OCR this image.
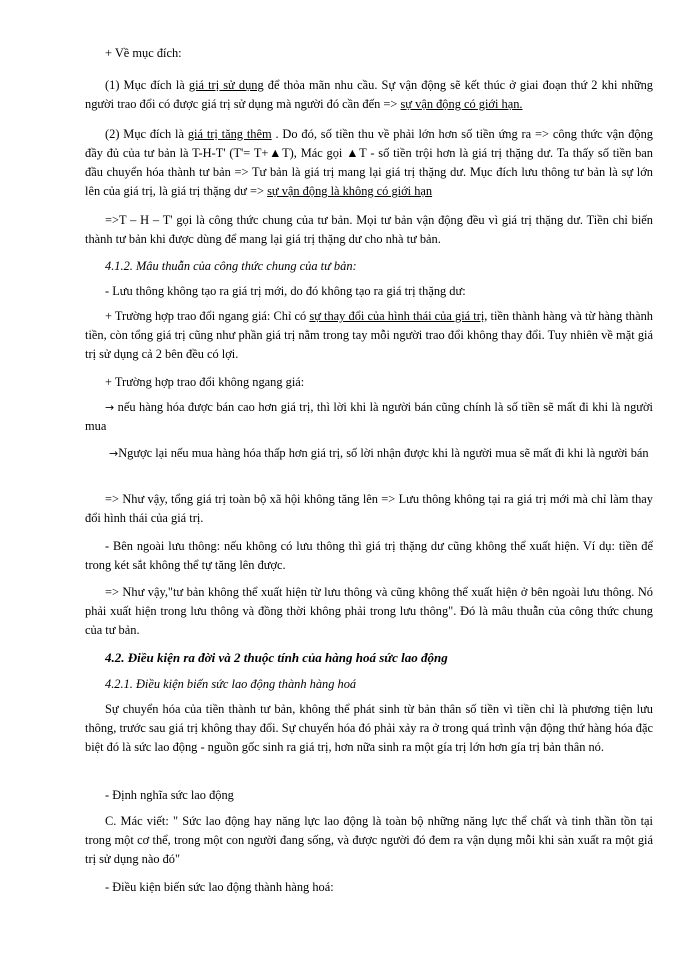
+ Về mục đích:

(1) Mục đích là giá trị sử dụng để thỏa mãn nhu cầu. Sự vận động sẽ kết thúc ở giai đoạn thứ 2 khi những người trao đổi có được giá trị sử dụng mà người đó cần đến => sự vận động có giới hạn.

(2) Mục đích là giá trị tăng thêm . Do đó, số tiền thu về phải lớn hơn số tiền ứng ra => công thức vận động đầy đủ của tư bản là T-H-T' (T'= T+▲T), Mác gọi ▲T - số tiền trội hơn là giá trị thặng dư. Ta thấy số tiền ban đầu chuyển hóa thành tư bản => Tư bản là giá trị mang lại giá trị thặng dư. Mục đích lưu thông tư bản là sự lớn lên của giá trị, là giá trị thặng dư => sự vận động là không có giới hạn

=>T – H – T' gọi là công thức chung của tư bản. Mọi tư bản vận động đều vì giá trị thặng dư. Tiền chỉ biến thành tư bản khi được dùng để mang lại giá trị thặng dư cho nhà tư bản.

4.1.2. Mâu thuẫn của công thức chung của tư bản:

- Lưu thông không tạo ra giá trị mới, do đó không tạo ra giá trị thặng dư:

+ Trường hợp trao đổi ngang giá: Chỉ có sự thay đổi của hình thái của giá trị, tiền thành hàng và từ hàng thành tiền, còn tổng giá trị cũng như phần giá trị nằm trong tay mỗi người trao đổi không thay đổi. Tuy nhiên về mặt giá trị sử dụng cả 2 bên đều có lợi.

+ Trường hợp trao đổi không ngang giá:

→ nếu hàng hóa được bán cao hơn giá trị, thì lời khi là người bán cũng chính là số tiền sẽ mất đi khi là người mua

→Ngược lại nếu mua hàng hóa thấp hơn giá trị, số lời nhận được khi là người mua sẽ mất đi khi là người bán

=> Như vậy, tổng giá trị toàn bộ xã hội không tăng lên => Lưu thông không tại ra giá trị mới mà chỉ làm thay đổi hình thái của giá trị.

- Bên ngoài lưu thông: nếu không có lưu thông thì giá trị thặng dư cũng không thể xuất hiện. Ví dụ: tiền để trong két sắt không thể tự tăng lên được.

=> Như vậy,"tư bản không thể xuất hiện từ lưu thông và cũng không thể xuất hiện ở bên ngoài lưu thông. Nó phải xuất hiện trong lưu thông và đồng thời không phải trong lưu thông". Đó là mâu thuẫn của công thức chung của tư bản.

4.2. Điều kiện ra đời và 2 thuộc tính của hàng hoá sức lao động

4.2.1. Điều kiện biến sức lao động thành hàng hoá

Sự chuyển hóa của tiền thành tư bản, không thể phát sinh từ bản thân số tiền vì tiền chỉ là phương tiện lưu thông, trước sau giá trị không thay đổi. Sự chuyển hóa đó phải xảy ra ở trong quá trình vận động thứ hàng hóa đặc biệt đó là sức lao động - nguồn gốc sinh ra giá trị, hơn nữa sinh ra một gía trị lớn hơn gía trị bản thân nó.

- Định nghĩa sức lao động

C. Mác viết: " Sức lao động hay năng lực lao động là toàn bộ những năng lực thể chất và tinh thần tồn tại trong một cơ thể, trong một con người đang sống, và được người đó đem ra vận dụng mỗi khi sản xuất ra một giá trị sử dụng nào đó"

- Điều kiện biến sức lao động thành hàng hoá:
